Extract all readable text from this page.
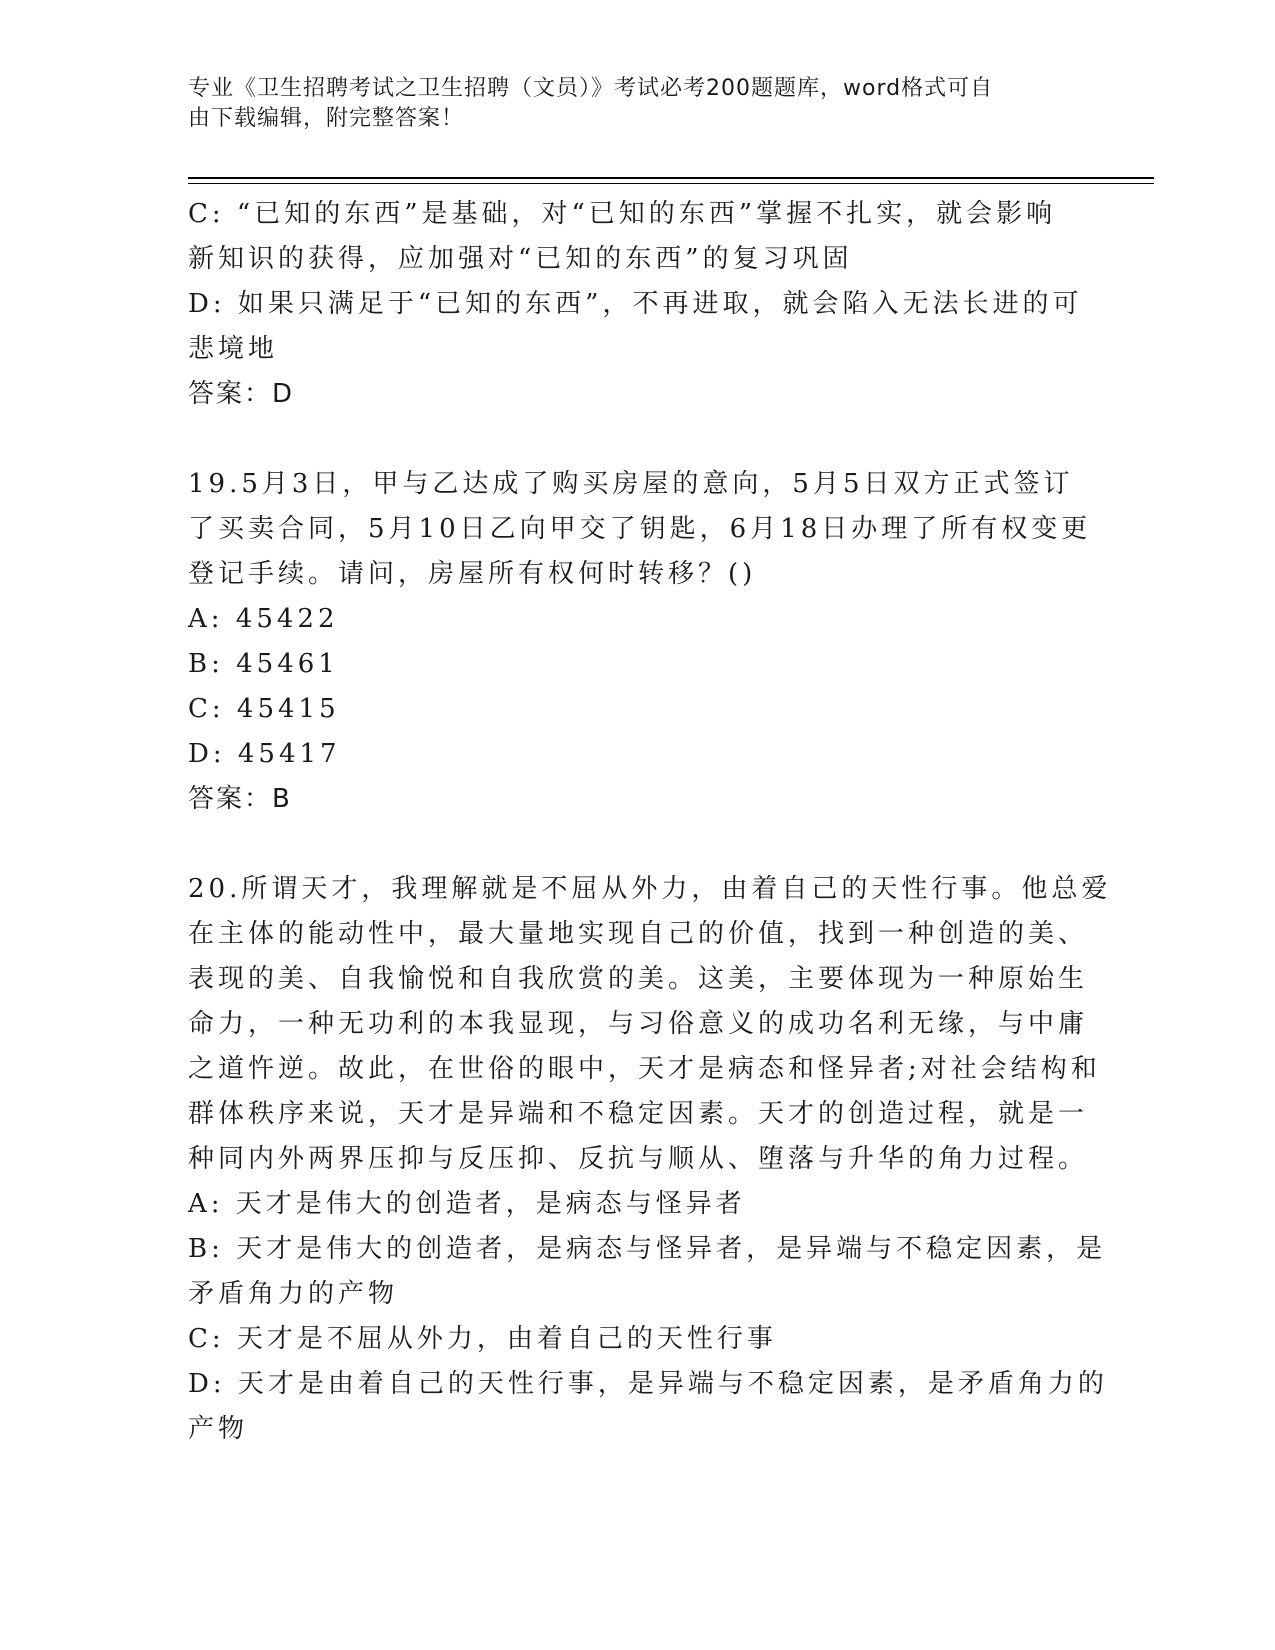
专业《卫生招聘考试之卫生招聘（文员）》考试必考200题题库，word格式可自
由下载编辑，附完整答案！
C: “已知的东西”是基础，对“已知的东西”掌握不扎实，就会影响
新知识的获得，应加强对“已知的东西”的复习巩固
D: 如果只满足于“已知的东西”，不再进取，就会陷入无法长进的可
悲境地
答案：D
19.5月3日，甲与乙达成了购买房屋的意向，5月5日双方正式签订
了买卖合同，5月10日乙向甲交了钥匙，6月18日办理了所有权变更
登记手续。请问，房屋所有权何时转移？()
A: 45422
B: 45461
C: 45415
D: 45417
答案：B
20.所谓天才，我理解就是不屈从外力，由着自己的天性行事。他总爱
在主体的能动性中，最大量地实现自己的价值，找到一种创造的美、
表现的美、自我愉悦和自我欣赏的美。这美，主要体现为一种原始生
命力，一种无功利的本我显现，与习俗意义的成功名利无缘，与中庸
之道忤逆。故此，在世俗的眼中，天才是病态和怪异者;对社会结构和
群体秩序来说，天才是异端和不稳定因素。天才的创造过程，就是一
种同内外两界压抑与反压抑、反抗与顺从、堕落与升华的角力过程。
A: 天才是伟大的创造者，是病态与怪异者
B: 天才是伟大的创造者，是病态与怪异者，是异端与不稳定因素，是
矛盾角力的产物
C: 天才是不屈从外力，由着自己的天性行事
D: 天才是由着自己的天性行事，是异端与不稳定因素，是矛盾角力的
产物
